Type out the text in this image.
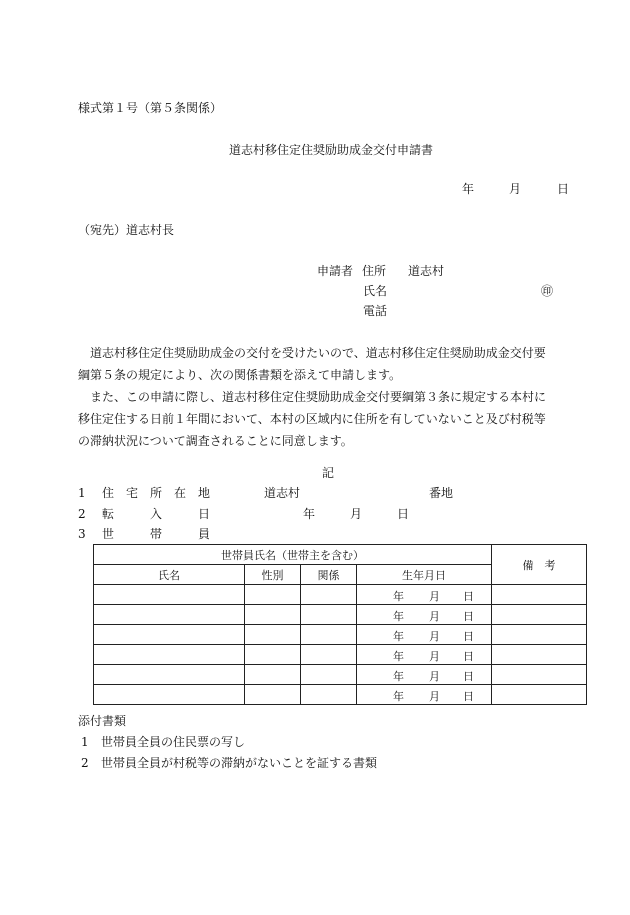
様式第１号（第５条関係）
道志村移住定住奨励助成金交付申請書
年	月	日
（宛先）道志村長
申請者 住所 道志村
氏名	㊞
電話

道志村移住定住奨励助成金の交付を受けたいので、道志村移住定住奨励助成金交付要綱第５条の規定により、次の関係書類を添えて申請します。

また、この申請に際し、道志村移住定住奨励助成金交付要綱第３条に規定する本村に移住定住する日前１年間において、本村の区域内に住所を有していないこと及び村税等の滞納状況について調査されることに同意します。

記
1 住　宅　所　在　地	道志村	番地
2 転　　　入　　　日	年	月	日
3 世　　　帯　　　員
世帯員氏名（世帯主を含む）				備　考
氏名	性別	関係	生年月日	

			年 月 日	

			年 月 日	

			年 月 日	

			年 月 日	

			年 月 日	

			年 月 日	

添付書類
1 世帯員全員の住民票の写し
2 世帯員全員が村税等の滞納がないことを証する書類
